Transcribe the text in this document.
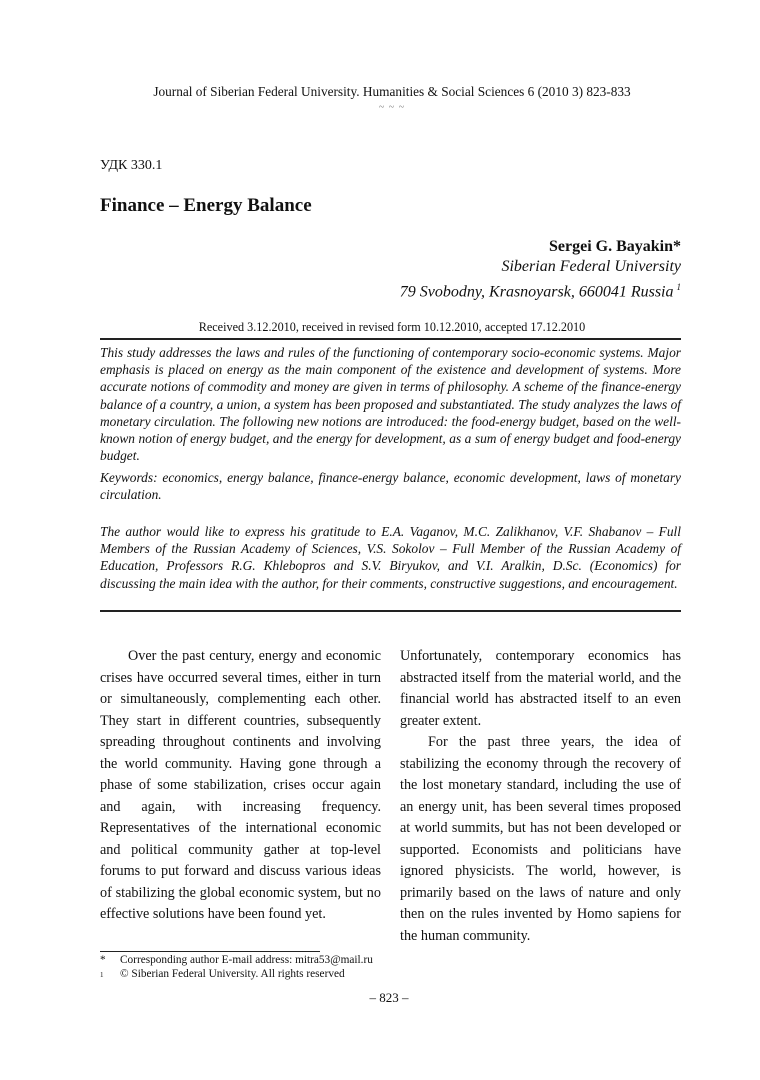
Journal of Siberian Federal University. Humanities & Social Sciences 6 (2010 3) 823-833
~ ~ ~
УДК 330.1
Finance – Energy Balance
Sergei G. Bayakin*
Siberian Federal University
79 Svobodny, Krasnoyarsk, 660041 Russia $^1$
Received 3.12.2010, received in revised form 10.12.2010, accepted 17.12.2010
This study addresses the laws and rules of the functioning of contemporary socio-economic systems. Major emphasis is placed on energy as the main component of the existence and development of systems. More accurate notions of commodity and money are given in terms of philosophy. A scheme of the finance-energy balance of a country, a union, a system has been proposed and substantiated. The study analyzes the laws of monetary circulation. The following new notions are introduced: the food-energy budget, based on the well-known notion of energy budget, and the energy for development, as a sum of energy budget and food-energy budget.
Keywords: economics, energy balance, finance-energy balance, economic development, laws of monetary circulation.
The author would like to express his gratitude to E.A. Vaganov, M.C. Zalikhanov, V.F. Shabanov – Full Members of the Russian Academy of Sciences, V.S. Sokolov – Full Member of the Russian Academy of Education, Professors R.G. Khlebopros and S.V. Biryukov, and V.I. Aralkin, D.Sc. (Economics) for discussing the main idea with the author, for their comments, constructive suggestions, and encouragement.

Over the past century, energy and economic crises have occurred several times, either in turn or simultaneously, complementing each other. They start in different countries, subsequently spreading throughout continents and involving the world community. Having gone through a phase of some stabilization, crises occur again and again, with increasing frequency. Representatives of the international economic and political community gather at top-level forums to put forward and discuss various ideas of stabilizing the global economic system, but no effective solutions have been found yet.

Unfortunately, contemporary economics has abstracted itself from the material world, and the financial world has abstracted itself to an even greater extent.

For the past three years, the idea of stabilizing the economy through the recovery of the lost monetary standard, including the use of an energy unit, has been several times proposed at world summits, but has not been developed or supported. Economists and politicians have ignored physicists. The world, however, is primarily based on the laws of nature and only then on the rules invented by Homo sapiens for the human community.

*	Corresponding author E-mail address: mitra53@mail.ru
1	© Siberian Federal University. All rights reserved
– 823 –
